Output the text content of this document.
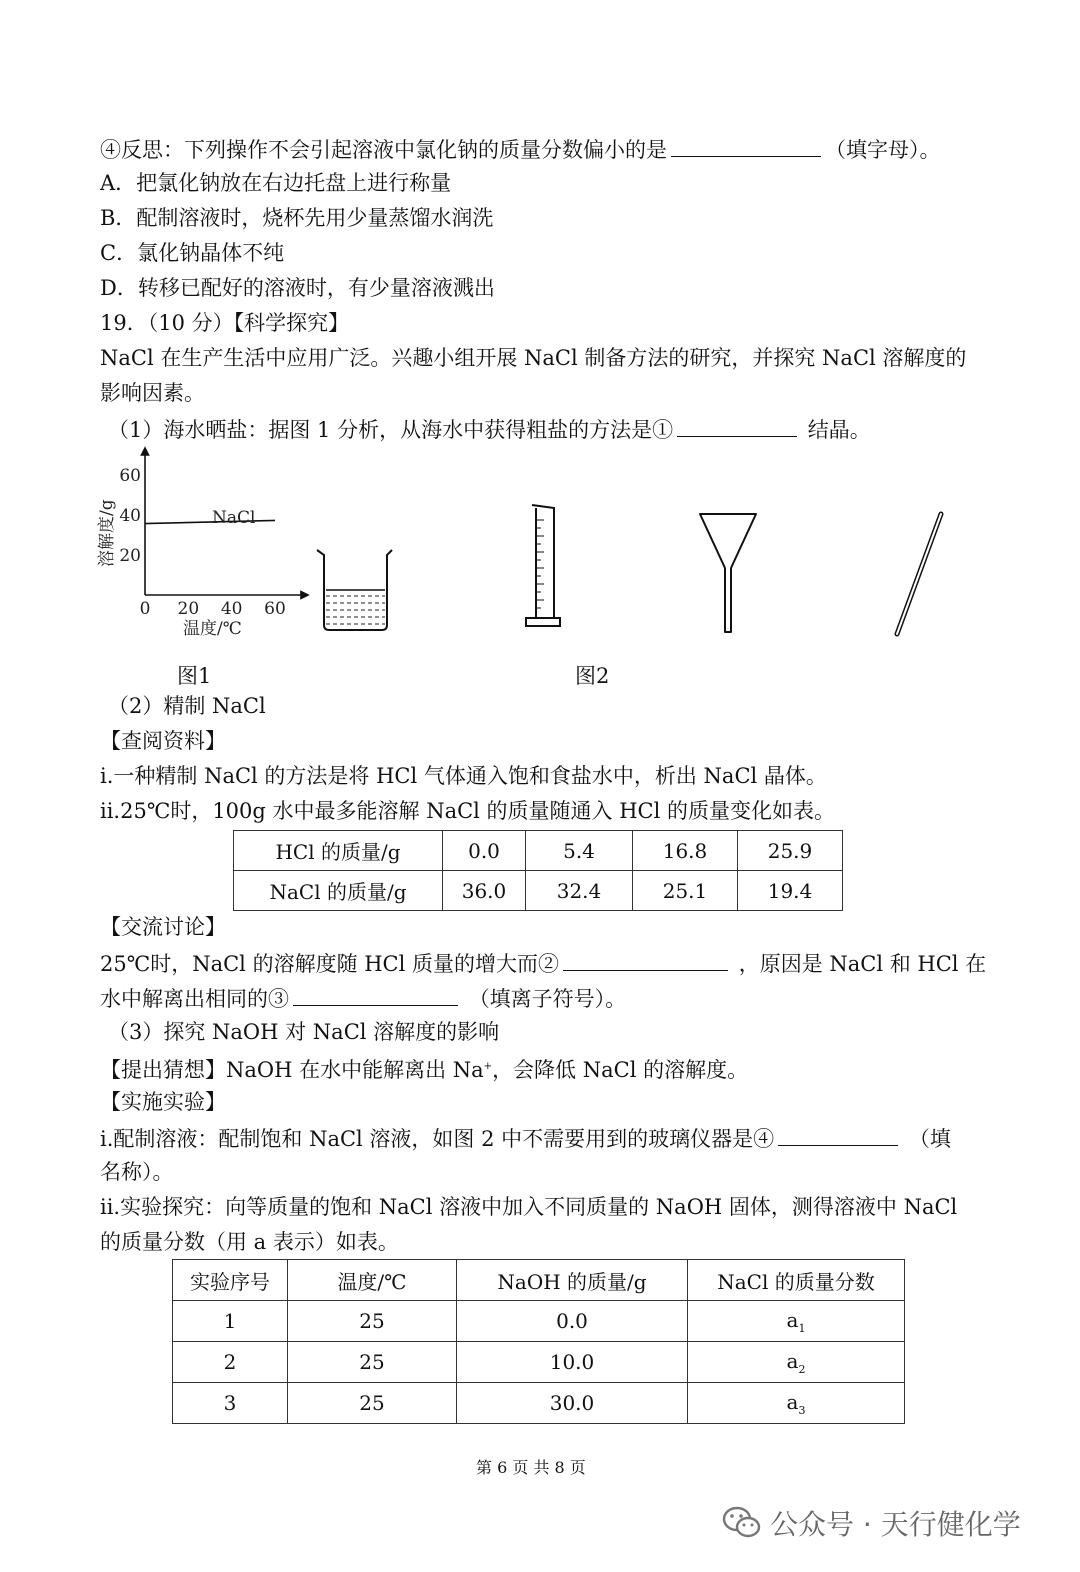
④反思：下列操作不会引起溶液中氯化钠的质量分数偏小的是	（填字母）。
A．把氯化钠放在右边托盘上进行称量
B．配制溶液时，烧杯先用少量蒸馏水润洗
C．氯化钠晶体不纯
D．转移已配好的溶液时，有少量溶液溅出
19．（10 分）【科学探究】
NaCl 在生产生活中应用广泛。兴趣小组开展 NaCl 制备方法的研究，并探究 NaCl 溶解度的
影响因素。
（1）海水晒盐：据图 1 分析，从海水中获得粗盐的方法是①	结晶。
溶解度/g 20
40
60
0 20 40 60
NaCl
温度/℃
图1	图2
（2）精制 NaCl
【查阅资料】
ⅰ.一种精制 NaCl 的方法是将 HCl 气体通入饱和食盐水中，析出 NaCl 晶体。
ⅱ.25℃时，100g 水中最多能溶解 NaCl 的质量随通入 HCl 的质量变化如表。
HCl 的质量/g	0.0	5.4	16.8	25.9
NaCl 的质量/g	36.0	32.4	25.1	19.4
【交流讨论】
25℃时，NaCl 的溶解度随 HCl 质量的增大而②	，原因是 NaCl 和 HCl 在
水中解离出相同的③	（填离子符号）。
（3）探究 NaOH 对 NaCl 溶解度的影响
【提出猜想】NaOH 在水中能解离出 Na+，会降低 NaCl 的溶解度。
【实施实验】
ⅰ.配制溶液：配制饱和 NaCl 溶液，如图 2 中不需要用到的玻璃仪器是④	（填
名称）。
ⅱ.实验探究：向等质量的饱和 NaCl 溶液中加入不同质量的 NaOH 固体，测得溶液中 NaCl
的质量分数（用 a 表示）如表。
实验序号	温度/℃	NaOH 的质量/g	NaCl 的质量分数
1	25	0.0	$a_1$
2	25	10.0	$a_2$
3	25	30.0	$a_3$
第 6 页 共 8 页
公众号 · 天行健化学
